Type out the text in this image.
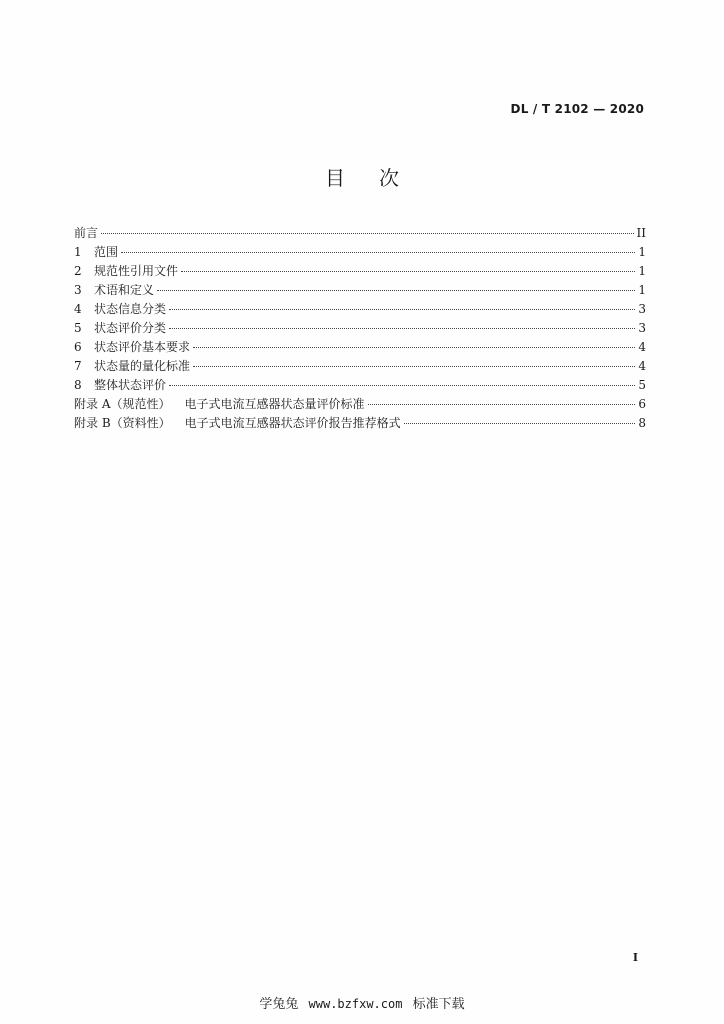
DL / T 2102 — 2020
目次
前言	II
1	范围	1
2	规范性引用文件	1
3	术语和定义	1
4	状态信息分类	3
5	状态评价分类	3
6	状态评价基本要求	4
7	状态量的量化标准	4
8	整体状态评价	5
附录 A（规范性） 电子式电流互感器状态量评价标准	6
附录 B（资料性） 电子式电流互感器状态评价报告推荐格式	8
I
学兔兔 www.bzfxw.com 标准下载
